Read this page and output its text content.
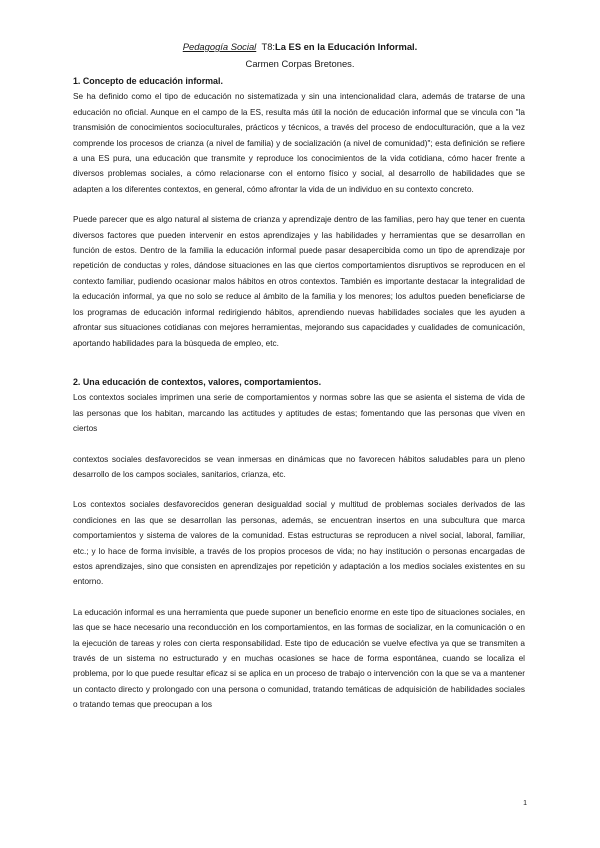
Pedagogía Social T8:La ES en la Educación Informal.
Carmen Corpas Bretones.
1. Concepto de educación informal.

Se ha definido como el tipo de educación no sistematizada y sin una intencionalidad clara, además de tratarse de una educación no oficial. Aunque en el campo de la ES, resulta más útil la noción de educación informal que se vincula con "la transmisión de conocimientos socioculturales, prácticos y técnicos, a través del proceso de endoculturación, que a la vez comprende los procesos de crianza (a nivel de familia) y de socialización (a nivel de comunidad)"; esta definición se refiere a una ES pura, una educación que transmite y reproduce los conocimientos de la vida cotidiana, cómo hacer frente a diversos problemas sociales, a cómo relacionarse con el entorno físico y social, al desarrollo de habilidades que se adapten a los diferentes contextos, en general, cómo afrontar la vida de un individuo en su contexto concreto.

Puede parecer que es algo natural al sistema de crianza y aprendizaje dentro de las familias, pero hay que tener en cuenta diversos factores que pueden intervenir en estos aprendizajes y las habilidades y herramientas que se desarrollan en función de estos. Dentro de la familia la educación informal puede pasar desapercibida como un tipo de aprendizaje por repetición de conductas y roles, dándose situaciones en las que ciertos comportamientos disruptivos se reproducen en el contexto familiar, pudiendo ocasionar malos hábitos en otros contextos. También es importante destacar la integralidad de la educación informal, ya que no solo se reduce al ámbito de la familia y los menores; los adultos pueden beneficiarse de los programas de educación informal redirigiendo hábitos, aprendiendo nuevas habilidades sociales que les ayuden a afrontar sus situaciones cotidianas con mejores herramientas, mejorando sus capacidades y cualidades de comunicación, aportando habilidades para la búsqueda de empleo, etc.

2. Una educación de contextos, valores, comportamientos.

Los contextos sociales imprimen una serie de comportamientos y normas sobre las que se asienta el sistema de vida de las personas que los habitan, marcando las actitudes y aptitudes de estas; fomentando que las personas que viven en ciertos

contextos sociales desfavorecidos se vean inmersas en dinámicas que no favorecen hábitos saludables para un pleno desarrollo de los campos sociales, sanitarios, crianza, etc.

Los contextos sociales desfavorecidos generan desigualdad social y multitud de problemas sociales derivados de las condiciones en las que se desarrollan las personas, además, se encuentran insertos en una subcultura que marca comportamientos y sistema de valores de la comunidad. Estas estructuras se reproducen a nivel social, laboral, familiar, etc.; y lo hace de forma invisible, a través de los propios procesos de vida; no hay institución o personas encargadas de estos aprendizajes, sino que consisten en aprendizajes por repetición y adaptación a los medios sociales existentes en su entorno.

La educación informal es una herramienta que puede suponer un beneficio enorme en este tipo de situaciones sociales, en las que se hace necesario una reconducción en los comportamientos, en las formas de socializar, en la comunicación o en la ejecución de tareas y roles con cierta responsabilidad. Este tipo de educación se vuelve efectiva ya que se transmiten a través de un sistema no estructurado y en muchas ocasiones se hace de forma espontánea, cuando se localiza el problema, por lo que puede resultar eficaz si se aplica en un proceso de trabajo o intervención con la que se va a mantener un contacto directo y prolongado con una persona o comunidad, tratando temáticas de adquisición de habilidades sociales o tratando temas que preocupan a los

1
